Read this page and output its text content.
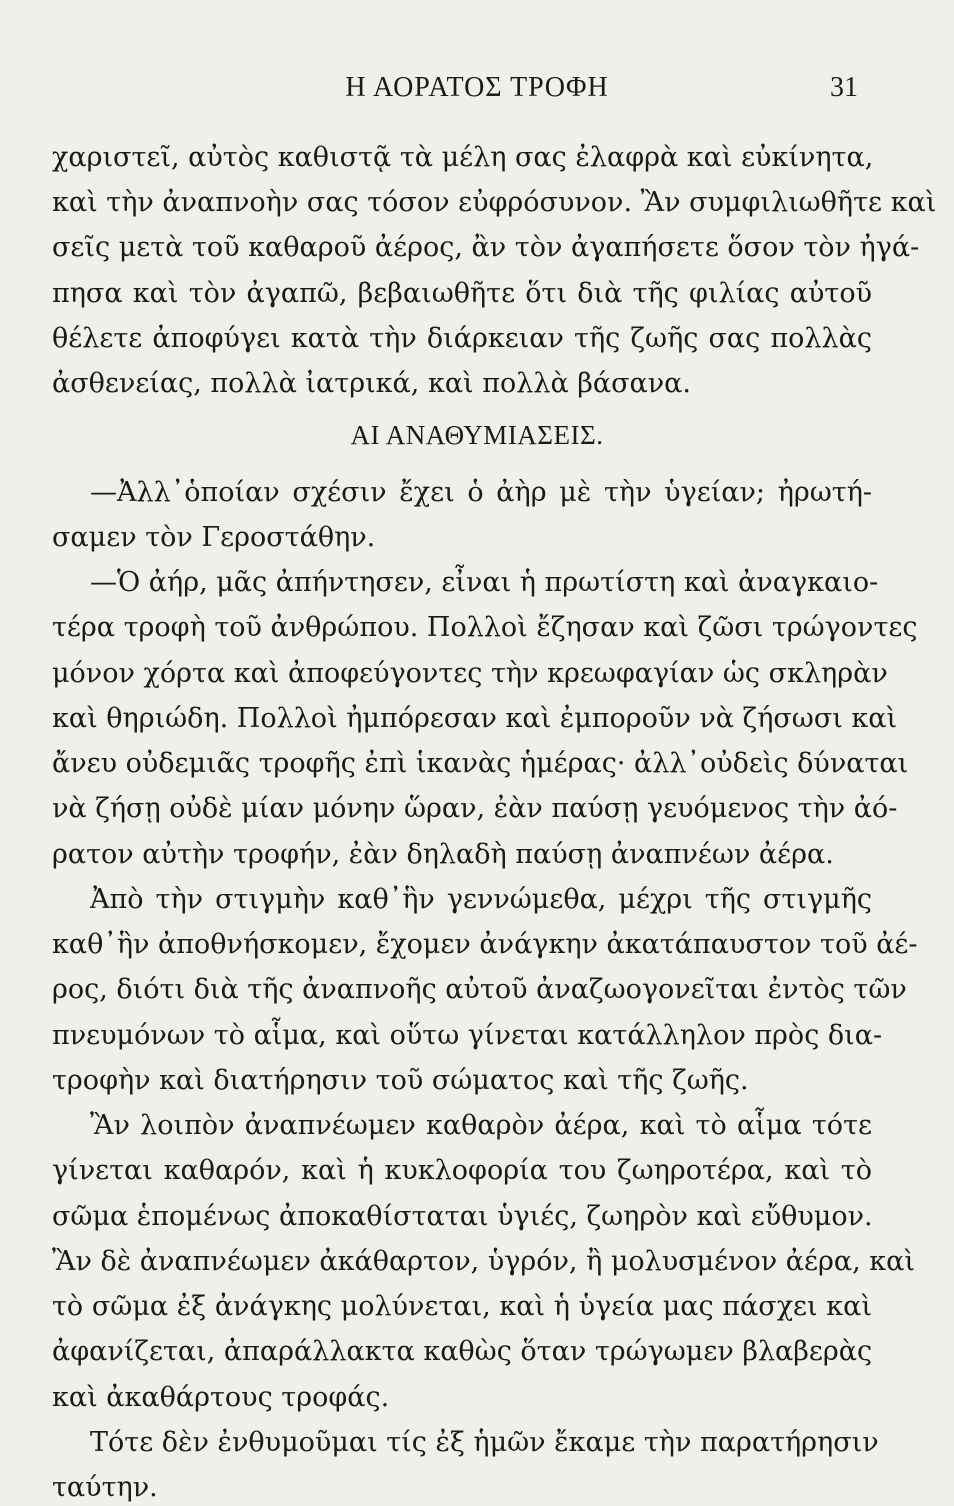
Η ΑΟΡΑΤΟΣ ΤΡΟΦΗ	31
χαριστεῖ, αὐτὸς καθιστᾷ τὰ μέλη σας ἐλαφρὰ καὶ εὐκίνητα,
καὶ τὴν ἀναπνοὴν σας τόσον εὐφρόσυνον. Ἂν συμφιλιωθῆτε καὶ
σεῖς μετὰ τοῦ καθαροῦ ἀέρος, ἂν τὸν ἀγαπήσετε ὅσον τὸν ἠγά-
πησα καὶ τὸν ἀγαπῶ, βεβαιωθῆτε ὅτι διὰ τῆς φιλίας αὐτοῦ
θέλετε ἀποφύγει κατὰ τὴν διάρκειαν τῆς ζωῆς σας πολλὰς
ἀσθενείας, πολλὰ ἰατρικά, καὶ πολλὰ βάσανα.
ΑΙ ΑΝΑΘΥΜΙΑΣΕΙΣ.
—Ἀλλ᾽ὁποίαν σχέσιν ἔχει ὁ ἀὴρ μὲ τὴν ὑγείαν; ἠρωτή-
σαμεν τὸν Γεροστάθην.
—Ὁ ἀήρ, μᾶς ἀπήντησεν, εἶναι ἡ πρωτίστη καὶ ἀναγκαιο-
τέρα τροφὴ τοῦ ἀνθρώπου. Πολλοὶ ἔζησαν καὶ ζῶσι τρώγοντες
μόνον χόρτα καὶ ἀποφεύγοντες τὴν κρεωφαγίαν ὡς σκληρὰν
καὶ θηριώδη. Πολλοὶ ἠμπόρεσαν καὶ ἐμποροῦν νὰ ζήσωσι καὶ
ἄνευ οὐδεμιᾶς τροφῆς ἐπὶ ἱκανὰς ἡμέρας· ἀλλ᾽οὐδεὶς δύναται
νὰ ζήσῃ οὐδὲ μίαν μόνην ὥραν, ἐὰν παύσῃ γευόμενος τὴν ἀό-
ρατον αὐτὴν τροφήν, ἐὰν δηλαδὴ παύσῃ ἀναπνέων ἀέρα.
Ἀπὸ τὴν στιγμὴν καθ᾽ἣν γεννώμεθα, μέχρι τῆς στιγμῆς
καθ᾽ἣν ἀποθνήσκομεν, ἔχομεν ἀνάγκην ἀκατάπαυστον τοῦ ἀέ-
ρος, διότι διὰ τῆς ἀναπνοῆς αὐτοῦ ἀναζωογονεῖται ἐντὸς τῶν
πνευμόνων τὸ αἷμα, καὶ οὕτω γίνεται κατάλληλον πρὸς δια-
τροφὴν καὶ διατήρησιν τοῦ σώματος καὶ τῆς ζωῆς.
Ἂν λοιπὸν ἀναπνέωμεν καθαρὸν ἀέρα, καὶ τὸ αἷμα τότε
γίνεται καθαρόν, καὶ ἡ κυκλοφορία του ζωηροτέρα, καὶ τὸ
σῶμα ἑπομένως ἀποκαθίσταται ὑγιές, ζωηρὸν καὶ εὔθυμον.
Ἂν δὲ ἀναπνέωμεν ἀκάθαρτον, ὑγρόν, ἢ μολυσμένον ἀέρα, καὶ
τὸ σῶμα ἐξ ἀνάγκης μολύνεται, καὶ ἡ ὑγεία μας πάσχει καὶ
ἀφανίζεται, ἀπαράλλακτα καθὼς ὅταν τρώγωμεν βλαβερὰς
καὶ ἀκαθάρτους τροφάς.
Τότε δὲν ἐνθυμοῦμαι τίς ἐξ ἡμῶν ἔκαμε τὴν παρατήρησιν
ταύτην.
